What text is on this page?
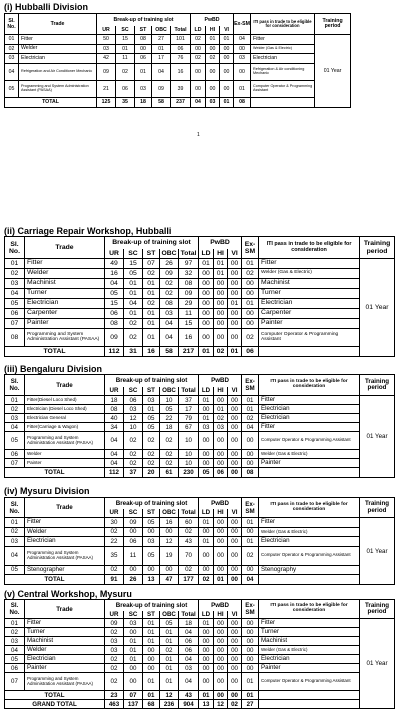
(i) Hubballi Division
Sl. No.	Trade	Break-up of training slot					PwBD			Ex-SM	ITI pass in trade to be eligible for consideration	Training period
		UR	SC	ST	OBC	Total	LD	HI	VI			
01	Fitter	50	15	08	27	101	02	01	01	04	Fitter	01 Year
02	Welder	03	01	00	01	06	00	00	00	00	Welder (Gas & Electric)	
03	Electrician	42	11	06	17	76	02	02	00	03	Electrician	
04	Refrigeration and Air Conditioner Mechanic	09	02	01	04	16	00	00	00	00	Refrigeration & Air conditioning Mechanic	
05	Programming and System Administration Assistant (PASAA)	21	06	03	09	39	00	00	00	01	Computer Operator & Programming Assistant	
TOTAL		125	35	18	58	237	04	03	01	08		
(ii) Carriage Repair Workshop, Hubballi
Sl. No.	Trade	Break-up of training slot					PwBD			Ex-SM	ITI pass in trade to be eligible for consideration	Training period
		UR	SC	ST	OBC	Total	LD	HI	VI			
01	Fitter	49	15	07	26	97	01	01	00	01	Fitter	01 Year
02	Welder	16	05	02	09	32	00	01	00	02	Welder (Gas & Electric)	
03	Machinist	04	01	01	02	08	00	00	00	00	Machinist	
04	Turner	05	01	01	02	09	00	00	00	00	Turner	
05	Electrician	15	04	02	08	29	00	00	01	01	Electrician	
06	Carpenter	06	01	01	03	11	00	00	00	00	Carpenter	
07	Painter	08	02	01	04	15	00	00	00	00	Painter	
08	Programming and System Administration Assistant (PASAA)	09	02	01	04	16	00	00	00	02	Computer Operator & Programming Assistant	
TOTAL		112	31	16	58	217	01	02	01	06		
(iii) Bengaluru Division
Sl. No.	Trade	Break-up of training slot					PwBD			Ex-SM	ITI pass in trade to be eligible for consideration	Training period
		UR	SC	ST	OBC	Total	LD	HI	VI			
01	Fitter(Diesel Loco Shed)	18	06	03	10	37	01	00	00	01	Fitter	01 Year
02	Electrician (Diesel Loco Shed)	08	03	01	05	17	00	01	00	01	Electrician	
03	Electrician General	40	12	05	22	79	01	02	00	02	Electrician	
04	Fitter(Carriage & Wagon)	34	10	05	18	67	03	03	00	04	Fitter	
05	Programming and System Administration Assistant (PASAA)	04	02	02	02	10	00	00	00	00	Computer Operator & Programming Assistant	
06	Welder	04	02	02	02	10	00	00	00	00	Welder (Gas & Electric)	
07	Painter	04	02	02	02	10	00	00	00	00	Painter	
TOTAL		112	37	20	61	230	05	06	00	08		
(iv) Mysuru Division
Sl. No.	Trade	Break-up of training slot					PwBD			Ex-SM	ITI pass in trade to be eligible for consideration	Training period
		UR	SC	ST	OBC	Total	LD	HI	VI			
01	Fitter	30	09	05	16	60	01	00	00	01	Fitter	01 Year
02	Welder	02	00	00	00	02	00	00	00	00	Welder (Gas & Electric)	
03	Electrician	22	06	03	12	43	01	00	00	01	Electrician	
04	Programming and System Administration Assistant (PASAA)	35	11	05	19	70	00	00	00	02	Computer Operator & Programming Assistant	
05	Stenographer	02	00	00	00	02	00	00	00	00	Stenography	
TOTAL		91	26	13	47	177	02	01	00	04		
(v) Central Workshop, Mysuru
Sl. No.	Trade	Break-up of training slot					PwBD			Ex-SM	ITI pass in trade to be eligible for consideration	Training period
		UR	SC	ST	OBC	Total	LD	HI	VI			
01	Fitter	09	03	01	05	18	01	00	00	00	Fitter	01 Year
02	Turner	02	00	01	01	04	00	00	00	00	Turner	
03	Machinist	03	01	01	01	06	00	00	00	00	Machinist	
04	Welder	03	01	00	02	06	00	00	00	00	Welder (Gas & Electric)	
05	Electrician	02	01	00	01	04	00	00	00	00	Electrician	
06	Painter	02	00	00	01	03	00	00	00	00	Painter	
07	Programming and System Administration Assistant (PASAA)	02	00	01	01	04	00	00	00	01	Computer Operator & Programming Assistant	
TOTAL		23	07	01	12	43	01	00	00	01		
GRAND TOTAL		463	137	68	236	904	13	12	02	27		
1
